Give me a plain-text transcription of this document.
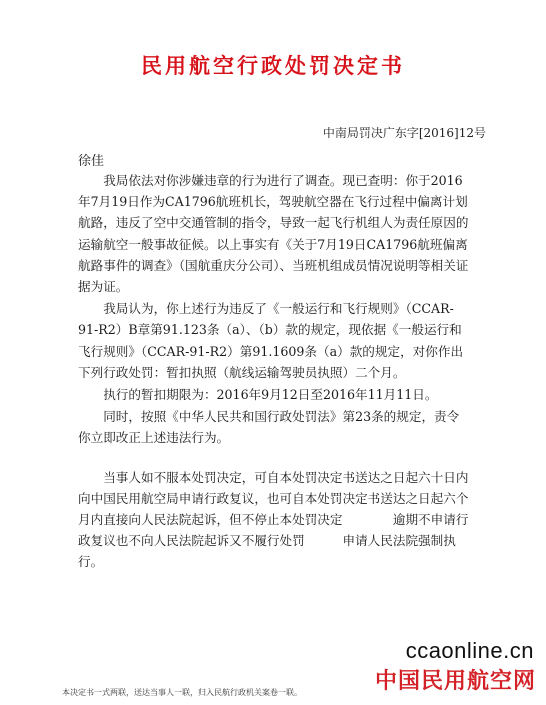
民用航空行政处罚决定书
中南局罚决广东字[2016]12号
徐佳

我局依法对你涉嫌违章的行为进行了调查。现已查明：你于2016年7月19日作为CA1796航班机长，驾驶航空器在飞行过程中偏离计划航路，违反了空中交通管制的指令，导致一起飞行机组人为责任原因的运输航空一般事故征候。以上事实有《关于7月19日CA1796航班偏离航路事件的调查》（国航重庆分公司）、当班机组成员情况说明等相关证据为证。

我局认为，你上述行为违反了《一般运行和飞行规则》（CCAR-91-R2）B章第91.123条（a）、（b）款的规定，现依据《一般运行和飞行规则》（CCAR-91-R2）第91.1609条（a）款的规定，对你作出下列行政处罚：暂扣执照（航线运输驾驶员执照）二个月。

执行的暂扣期限为：2016年9月12日至2016年11月11日。

同时，按照《中华人民共和国行政处罚法》第23条的规定，责令你立即改正上述违法行为。

当事人如不服本处罚决定，可自本处罚决定书送达之日起六十日内向中国民用航空局申请行政复议，也可自本处罚决定书送达之日起六个月内直接向人民法院起诉，但不停止本处罚决定　　　　逾期不申请行政复议也不向人民法院起诉又不履行处罚　　　申请人民法院强制执行。

本决定书一式两联，送达当事人一联，归入民航行政机关案卷一联。
ccaonline.cn
中国民用航空网
